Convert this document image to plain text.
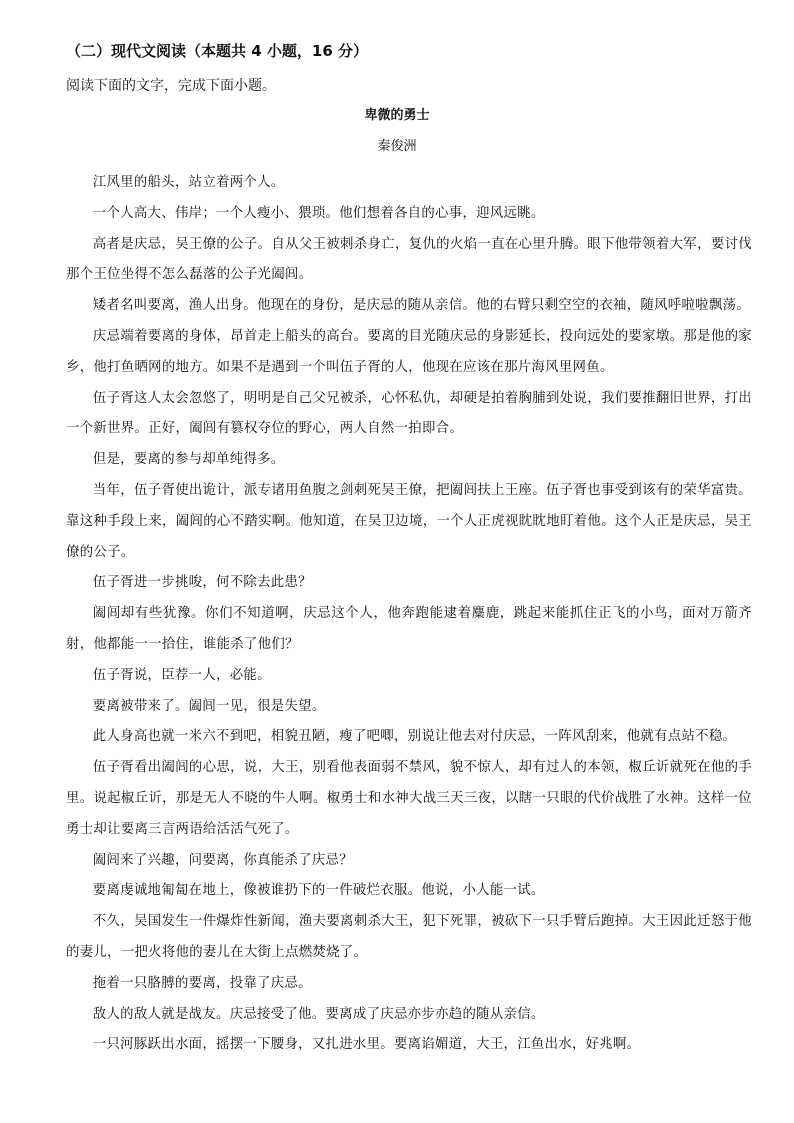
（二）现代文阅读（本题共 4 小题，16 分）
阅读下面的文字，完成下面小题。
卑微的勇士
秦俊洲

江风里的船头，站立着两个人。

一个人高大、伟岸；一个人瘦小、猥琐。他们想着各自的心事，迎风远眺。

高者是庆忌，吴王僚的公子。自从父王被刺杀身亡，复仇的火焰一直在心里升腾。眼下他带领着大军，要讨伐那个王位坐得不怎么磊落的公子光阖闾。

矮者名叫要离，渔人出身。他现在的身份，是庆忌的随从亲信。他的右臂只剩空空的衣袖，随风呼啦啦飘荡。

庆忌端着要离的身体，昂首走上船头的高台。要离的目光随庆忌的身影延长，投向远处的要家墩。那是他的家乡，他打鱼晒网的地方。如果不是遇到一个叫伍子胥的人，他现在应该在那片海风里网鱼。

伍子胥这人太会忽悠了，明明是自己父兄被杀，心怀私仇，却硬是拍着胸脯到处说，我们要推翻旧世界，打出一个新世界。正好，阖闾有篡权夺位的野心，两人自然一拍即合。

但是，要离的参与却单纯得多。

当年，伍子胥使出诡计，派专诸用鱼腹之剑刺死吴王僚，把阖闾扶上王座。伍子胥也事受到该有的荣华富贵。靠这种手段上来，阖闾的心不踏实啊。他知道，在吴卫边境，一个人正虎视眈眈地盯着他。这个人正是庆忌，吴王僚的公子。

伍子胥进一步挑唆，何不除去此患？

阖闾却有些犹豫。你们不知道啊，庆忌这个人，他奔跑能逮着麋鹿，跳起来能抓住正飞的小鸟，面对万箭齐射，他都能一一拾住，谁能杀了他们？

伍子胥说，臣荐一人，必能。

要离被带来了。阖闾一见，很是失望。

此人身高也就一米六不到吧，相貌丑陋，瘦了吧唧，别说让他去对付庆忌，一阵风刮来，他就有点站不稳。

伍子胥看出阖闾的心思，说，大王，别看他表面弱不禁风，貌不惊人，却有过人的本领，椒丘䜣就死在他的手里。说起椒丘䜣，那是无人不晓的牛人啊。椒勇士和水神大战三天三夜，以瞎一只眼的代价战胜了水神。这样一位勇士却让要离三言两语给活活气死了。

阖闾来了兴趣，问要离，你真能杀了庆忌？

要离虔诚地匍匐在地上，像被谁扔下的一件破烂衣服。他说，小人能一试。

不久，吴国发生一件爆炸性新闻，渔夫要离刺杀大王，犯下死罪，被砍下一只手臂后跑掉。大王因此迁怒于他的妻儿，一把火将他的妻儿在大街上点燃焚烧了。

拖着一只胳膊的要离，投靠了庆忌。

敌人的敌人就是战友。庆忌接受了他。要离成了庆忌亦步亦趋的随从亲信。

一只河豚跃出水面，摇摆一下腰身，又扎进水里。要离谄媚道，大王，江鱼出水，好兆啊。
